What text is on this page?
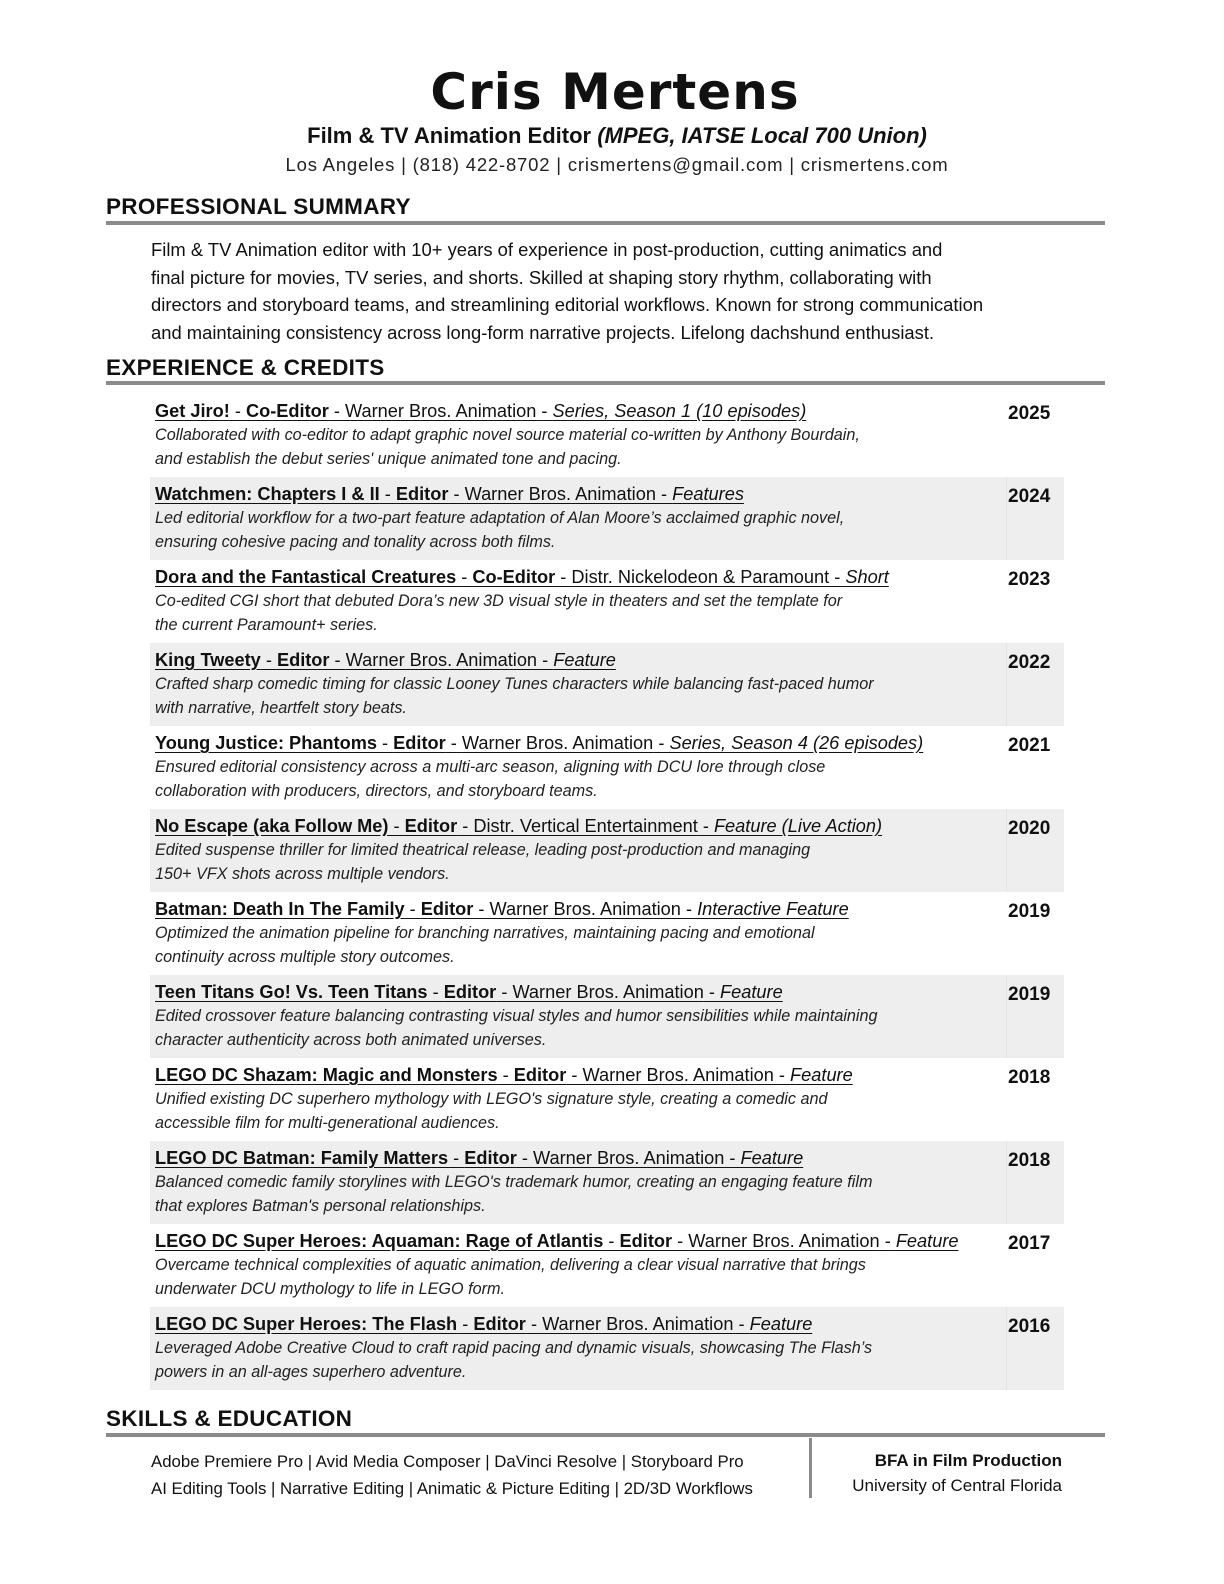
Cris Mertens
Film & TV Animation Editor (MPEG, IATSE Local 700 Union)
Los Angeles | (818) 422-8702 | crismertens@gmail.com | crismertens.com
PROFESSIONAL SUMMARY
Film & TV Animation editor with 10+ years of experience in post-production, cutting animatics and
final picture for movies, TV series, and shorts. Skilled at shaping story rhythm, collaborating with
directors and storyboard teams, and streamlining editorial workflows. Known for strong communication
and maintaining consistency across long-form narrative projects. Lifelong dachshund enthusiast.
EXPERIENCE & CREDITS
Get Jiro! - Co-Editor - Warner Bros. Animation - Series, Season 1 (10 episodes)
Collaborated with co-editor to adapt graphic novel source material co-written by Anthony Bourdain,
and establish the debut series' unique animated tone and pacing.
2025
Watchmen: Chapters I & II - Editor - Warner Bros. Animation - Features
Led editorial workflow for a two-part feature adaptation of Alan Moore’s acclaimed graphic novel,
ensuring cohesive pacing and tonality across both films.
2024
Dora and the Fantastical Creatures - Co-Editor - Distr. Nickelodeon & Paramount - Short
Co-edited CGI short that debuted Dora’s new 3D visual style in theaters and set the template for
the current Paramount+ series.
2023
King Tweety - Editor - Warner Bros. Animation - Feature
Crafted sharp comedic timing for classic Looney Tunes characters while balancing fast-paced humor
with narrative, heartfelt story beats.
2022
Young Justice: Phantoms - Editor - Warner Bros. Animation - Series, Season 4 (26 episodes)
Ensured editorial consistency across a multi-arc season, aligning with DCU lore through close
collaboration with producers, directors, and storyboard teams.
2021
No Escape (aka Follow Me) - Editor - Distr. Vertical Entertainment - Feature (Live Action)
Edited suspense thriller for limited theatrical release, leading post-production and managing
150+ VFX shots across multiple vendors.
2020
Batman: Death In The Family - Editor - Warner Bros. Animation - Interactive Feature
Optimized the animation pipeline for branching narratives, maintaining pacing and emotional
continuity across multiple story outcomes.
2019
Teen Titans Go! Vs. Teen Titans - Editor - Warner Bros. Animation - Feature
Edited crossover feature balancing contrasting visual styles and humor sensibilities while maintaining
character authenticity across both animated universes.
2019
LEGO DC Shazam: Magic and Monsters - Editor - Warner Bros. Animation - Feature
Unified existing DC superhero mythology with LEGO's signature style, creating a comedic and
accessible film for multi-generational audiences.
2018
LEGO DC Batman: Family Matters - Editor - Warner Bros. Animation - Feature
Balanced comedic family storylines with LEGO's trademark humor, creating an engaging feature film
that explores Batman's personal relationships.
2018
LEGO DC Super Heroes: Aquaman: Rage of Atlantis - Editor - Warner Bros. Animation - Feature
Overcame technical complexities of aquatic animation, delivering a clear visual narrative that brings
underwater DCU mythology to life in LEGO form.
2017
LEGO DC Super Heroes: The Flash - Editor - Warner Bros. Animation - Feature
Leveraged Adobe Creative Cloud to craft rapid pacing and dynamic visuals, showcasing The Flash’s
powers in an all-ages superhero adventure.
2016
SKILLS & EDUCATION
Adobe Premiere Pro | Avid Media Composer | DaVinci Resolve | Storyboard Pro
AI Editing Tools | Narrative Editing | Animatic & Picture Editing | 2D/3D Workflows
BFA in Film Production
University of Central Florida
